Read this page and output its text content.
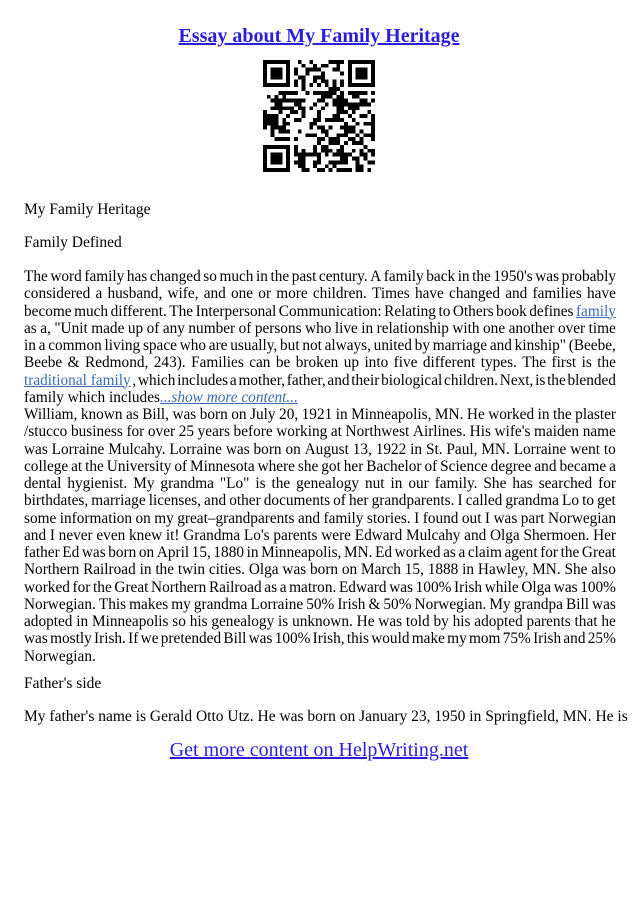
Essay about My Family Heritage
My Family Heritage
Family Defined
The word family has changed so much in the past century. A family back in the 1950's was probably
considered a husband, wife, and one or more children. Times have changed and families have
become much different. The Interpersonal Communication: Relating to Others book defines family
as a, "Unit made up of any number of persons who live in relationship with one another over time
in a common living space who are usually, but not always, united by marriage and kinship" (Beebe,
Beebe & Redmond, 243). Families can be broken up into five different types. The first is the
traditional family , which includes a mother, father, and their biological children. Next, is the blended
family which includes...show more content...
William, known as Bill, was born on July 20, 1921 in Minneapolis, MN. He worked in the plaster
/stucco business for over 25 years before working at Northwest Airlines. His wife's maiden name
was Lorraine Mulcahy. Lorraine was born on August 13, 1922 in St. Paul, MN. Lorraine went to
college at the University of Minnesota where she got her Bachelor of Science degree and became a
dental hygienist. My grandma "Lo" is the genealogy nut in our family. She has searched for
birthdates, marriage licenses, and other documents of her grandparents. I called grandma Lo to get
some information on my great–grandparents and family stories. I found out I was part Norwegian
and I never even knew it! Grandma Lo's parents were Edward Mulcahy and Olga Shermoen. Her
father Ed was born on April 15, 1880 in Minneapolis, MN. Ed worked as a claim agent for the Great
Northern Railroad in the twin cities. Olga was born on March 15, 1888 in Hawley, MN. She also
worked for the Great Northern Railroad as a matron. Edward was 100% Irish while Olga was 100%
Norwegian. This makes my grandma Lorraine 50% Irish & 50% Norwegian. My grandpa Bill was
adopted in Minneapolis so his genealogy is unknown. He was told by his adopted parents that he
was mostly Irish. If we pretended Bill was 100% Irish, this would make my mom 75% Irish and 25%
Norwegian.
Father's side
My father's name is Gerald Otto Utz. He was born on January 23, 1950 in Springfield, MN. He is
Get more content on HelpWriting.net
